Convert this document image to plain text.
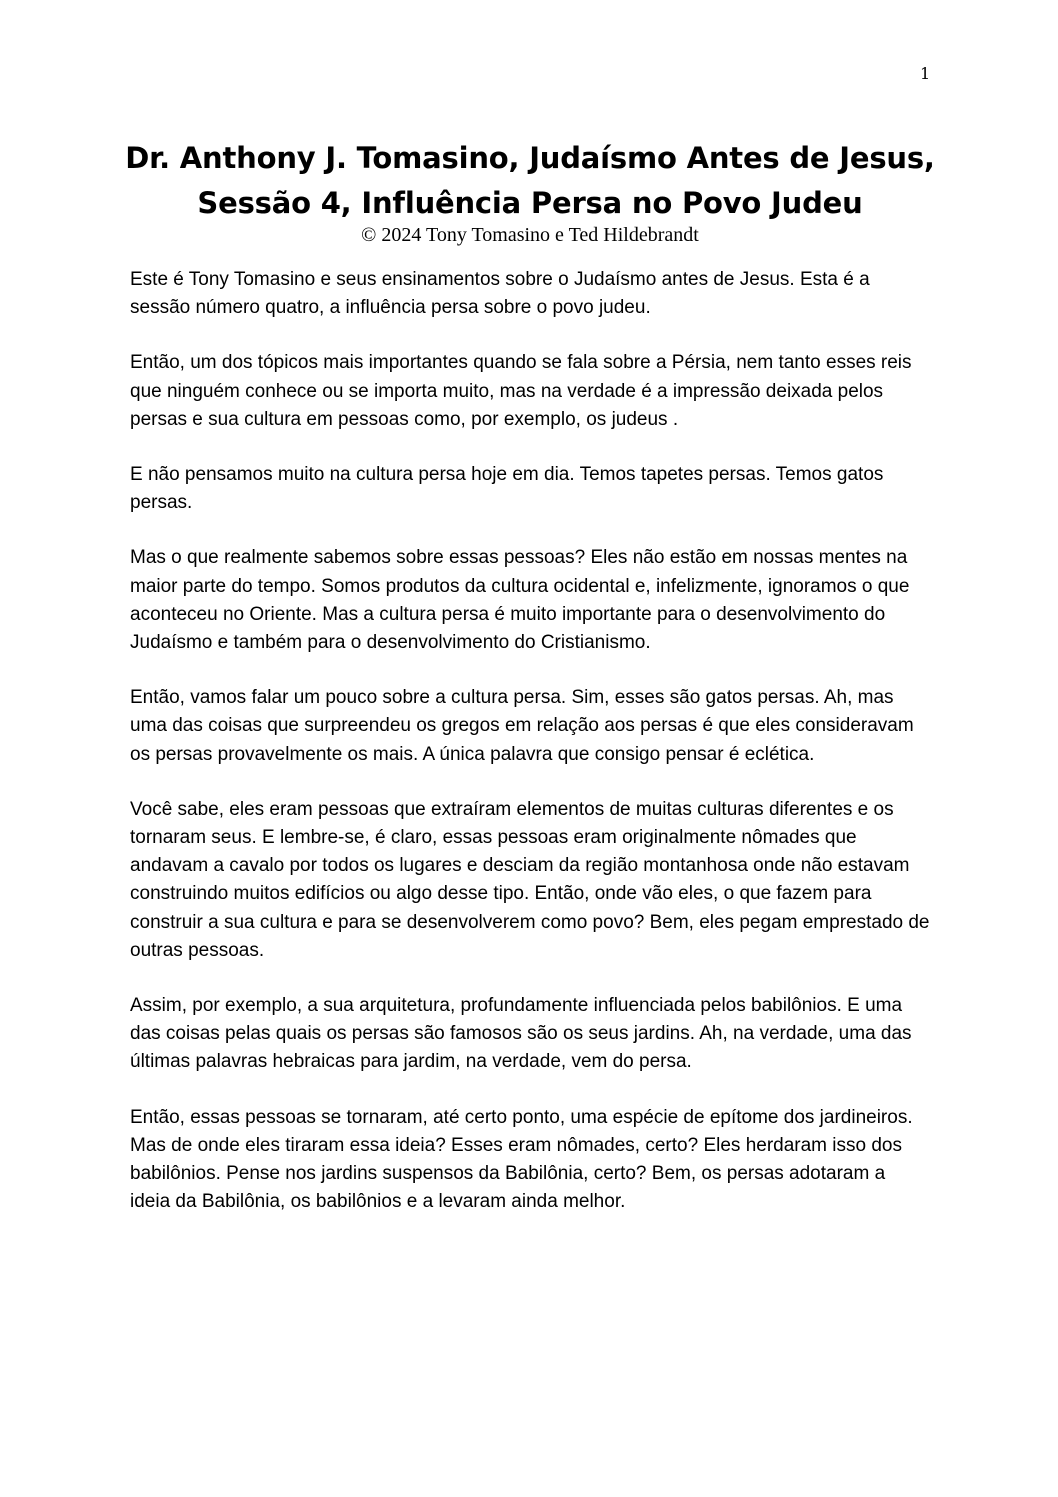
1
Dr. Anthony J. Tomasino, Judaísmo Antes de Jesus,
Sessão 4, Influência Persa no Povo Judeu
© 2024 Tony Tomasino e Ted Hildebrandt

Este é Tony Tomasino e seus ensinamentos sobre o Judaísmo antes de Jesus. Esta é a sessão número quatro, a influência persa sobre o povo judeu.

Então, um dos tópicos mais importantes quando se fala sobre a Pérsia, nem tanto esses reis que ninguém conhece ou se importa muito, mas na verdade é a impressão deixada pelos persas e sua cultura em pessoas como, por exemplo, os judeus .

E não pensamos muito na cultura persa hoje em dia. Temos tapetes persas. Temos gatos persas.

Mas o que realmente sabemos sobre essas pessoas? Eles não estão em nossas mentes na maior parte do tempo. Somos produtos da cultura ocidental e, infelizmente, ignoramos o que aconteceu no Oriente. Mas a cultura persa é muito importante para o desenvolvimento do Judaísmo e também para o desenvolvimento do Cristianismo.

Então, vamos falar um pouco sobre a cultura persa. Sim, esses são gatos persas. Ah, mas uma das coisas que surpreendeu os gregos em relação aos persas é que eles consideravam os persas provavelmente os mais. A única palavra que consigo pensar é eclética.

Você sabe, eles eram pessoas que extraíram elementos de muitas culturas diferentes e os tornaram seus. E lembre-se, é claro, essas pessoas eram originalmente nômades que andavam a cavalo por todos os lugares e desciam da região montanhosa onde não estavam construindo muitos edifícios ou algo desse tipo. Então, onde vão eles, o que fazem para construir a sua cultura e para se desenvolverem como povo? Bem, eles pegam emprestado de outras pessoas.

Assim, por exemplo, a sua arquitetura, profundamente influenciada pelos babilônios. E uma das coisas pelas quais os persas são famosos são os seus jardins. Ah, na verdade, uma das últimas palavras hebraicas para jardim, na verdade, vem do persa.

Então, essas pessoas se tornaram, até certo ponto, uma espécie de epítome dos jardineiros. Mas de onde eles tiraram essa ideia? Esses eram nômades, certo? Eles herdaram isso dos babilônios. Pense nos jardins suspensos da Babilônia, certo? Bem, os persas adotaram a ideia da Babilônia, os babilônios e a levaram ainda melhor.
